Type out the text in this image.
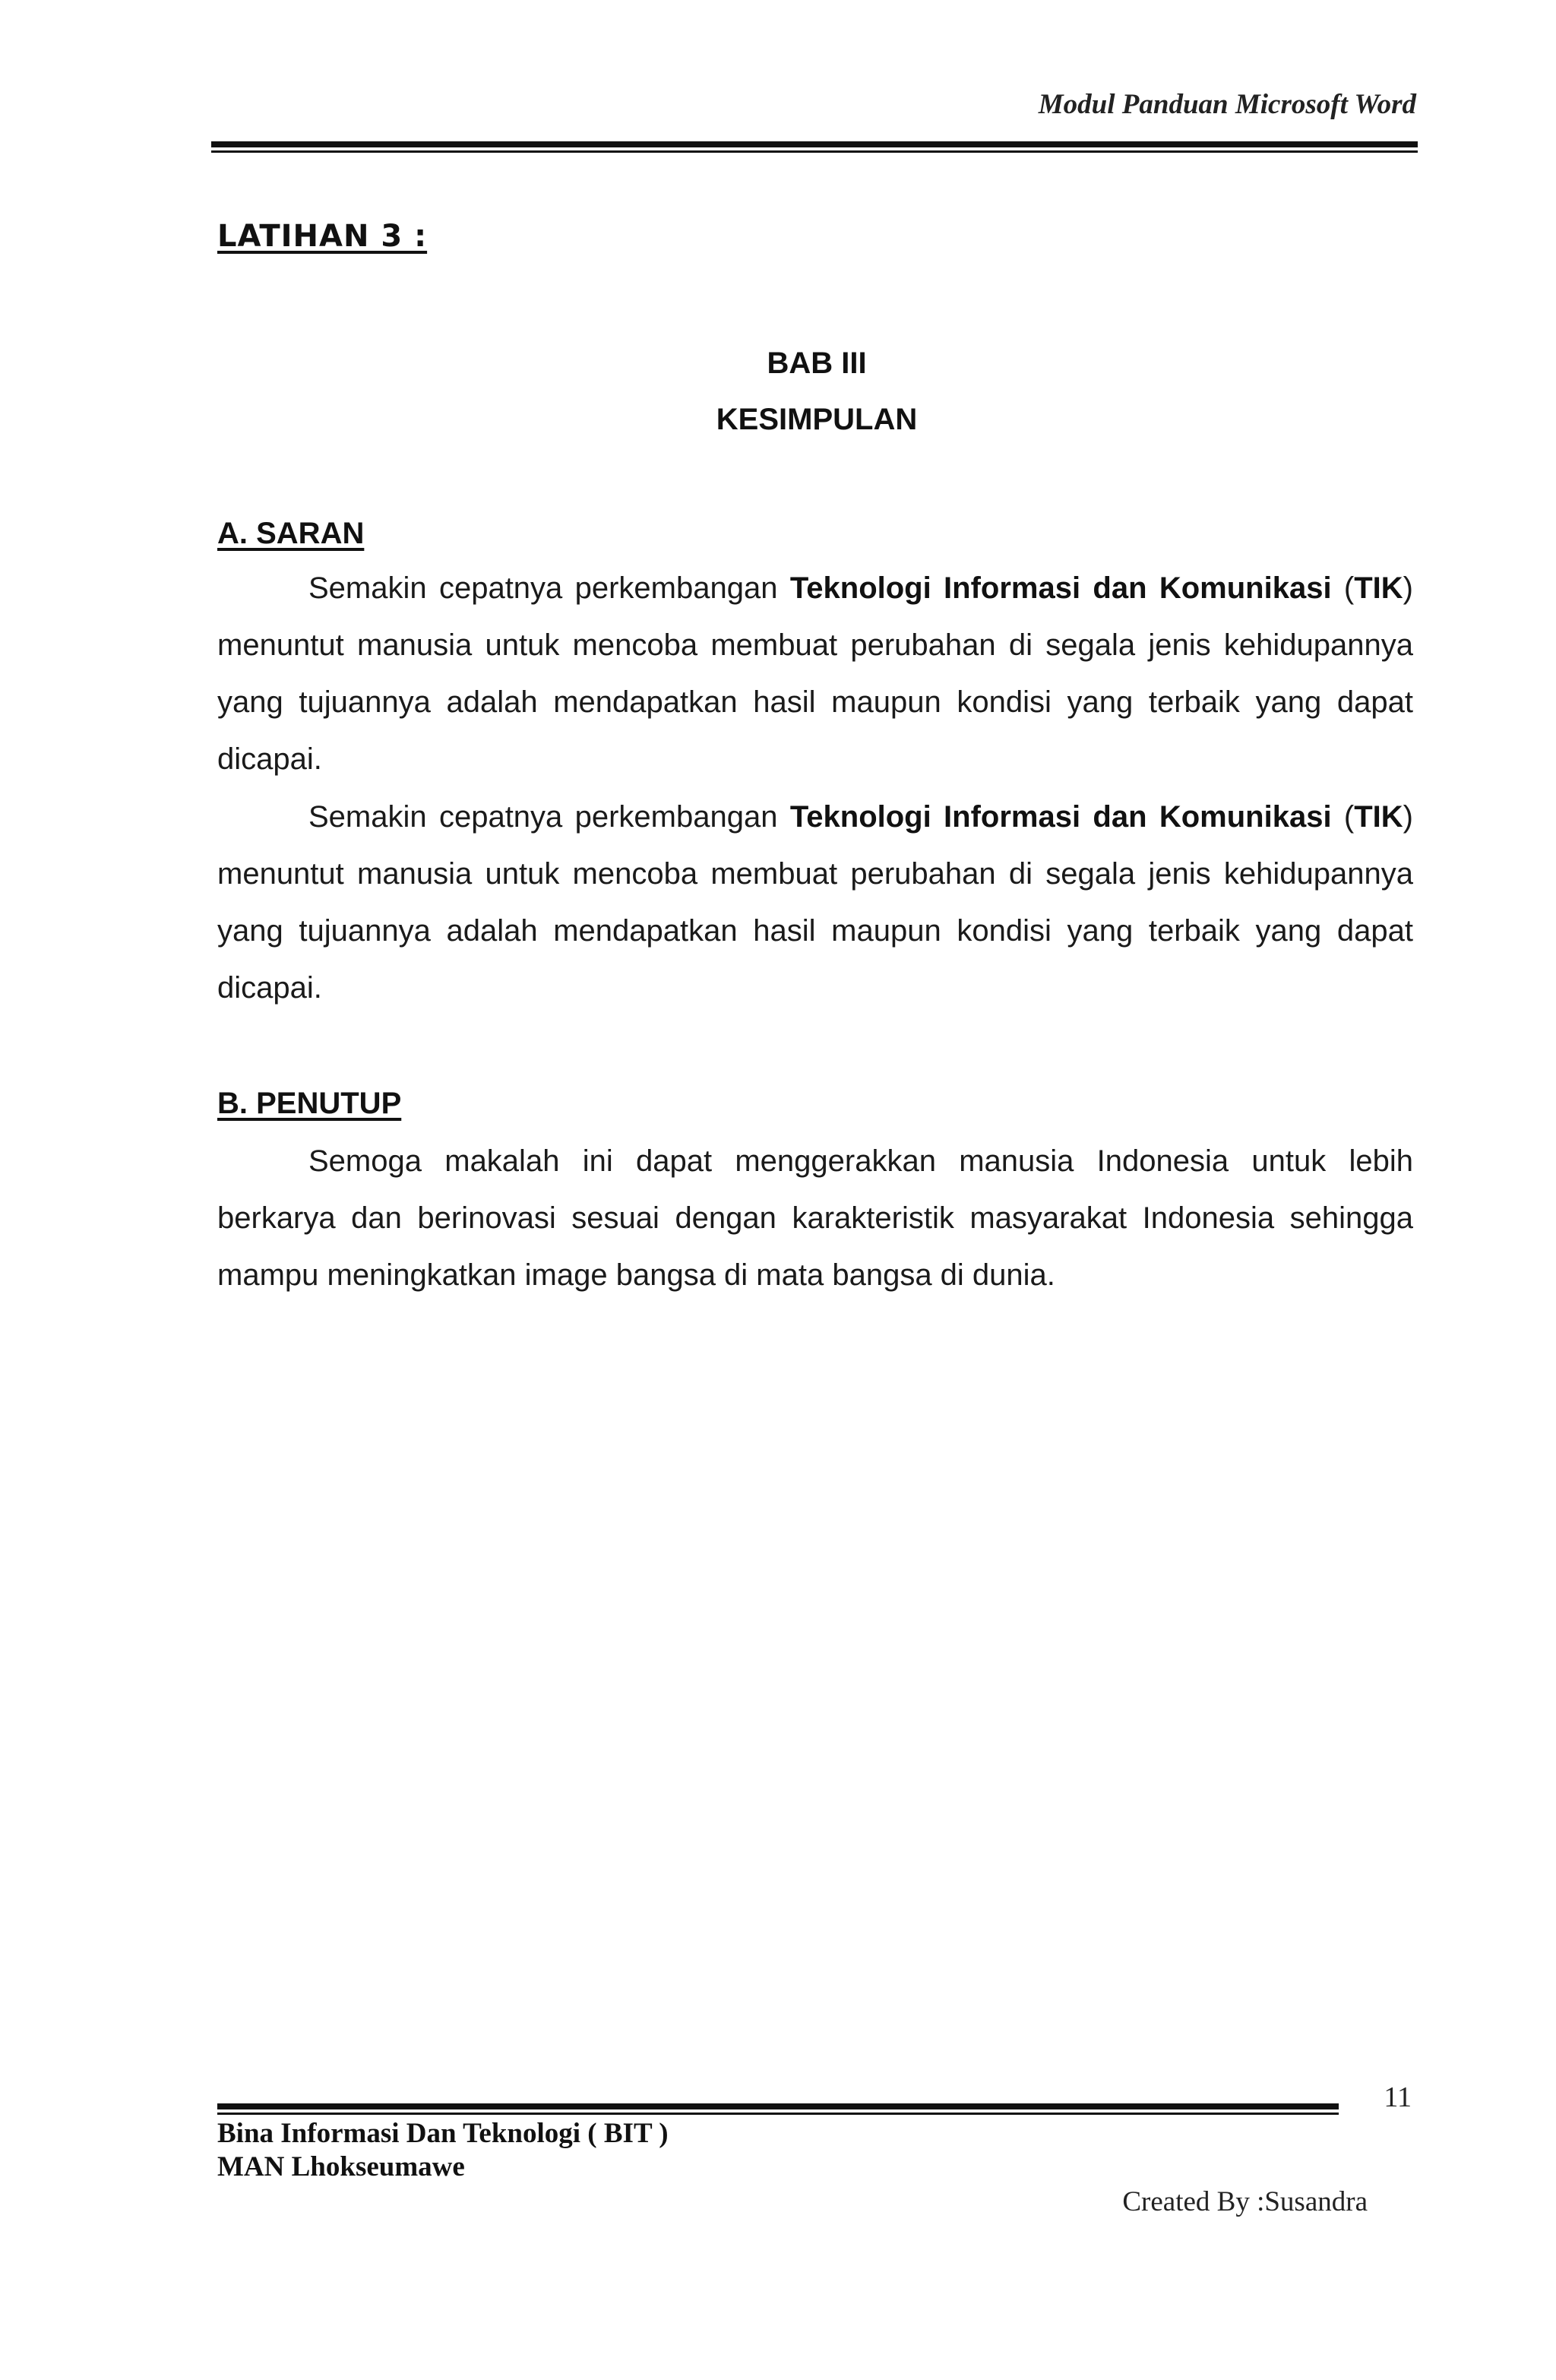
Modul Panduan Microsoft Word
LATIHAN 3 :
BAB III
KESIMPULAN
A. SARAN

Semakin cepatnya perkembangan Teknologi Informasi dan Komunikasi (TIK) menuntut manusia untuk mencoba membuat perubahan di segala jenis kehidupannya yang tujuannya adalah mendapatkan hasil maupun kondisi yang terbaik yang dapat dicapai.

Semakin cepatnya perkembangan Teknologi Informasi dan Komunikasi (TIK) menuntut manusia untuk mencoba membuat perubahan di segala jenis kehidupannya yang tujuannya adalah mendapatkan hasil maupun kondisi yang terbaik yang dapat dicapai.

B. PENUTUP

Semoga makalah ini dapat menggerakkan manusia Indonesia untuk lebih berkarya dan berinovasi sesuai dengan karakteristik masyarakat Indonesia sehingga mampu meningkatkan image bangsa di mata bangsa di dunia.

11
Bina Informasi Dan Teknologi ( BIT )
MAN Lhokseumawe
Created By :Susandra
